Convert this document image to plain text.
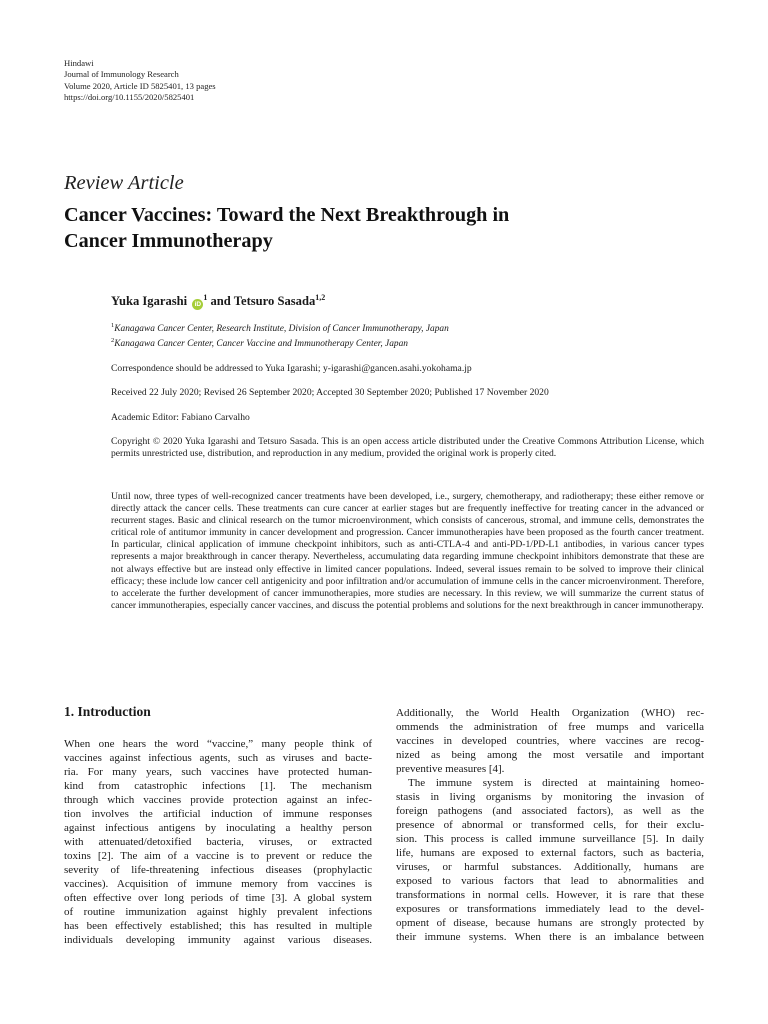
Hindawi
Journal of Immunology Research
Volume 2020, Article ID 5825401, 13 pages
https://doi.org/10.1155/2020/5825401
Review Article
Cancer Vaccines: Toward the Next Breakthrough in
Cancer Immunotherapy
Yuka Igarashi $iD^1$ and Tetsuro Sasada$^{1,2}$
$^1$Kanagawa Cancer Center, Research Institute, Division of Cancer Immunotherapy, Japan
$^2$Kanagawa Cancer Center, Cancer Vaccine and Immunotherapy Center, Japan
Correspondence should be addressed to Yuka Igarashi; y-igarashi@gancen.asahi.yokohama.jp
Received 22 July 2020; Revised 26 September 2020; Accepted 30 September 2020; Published 17 November 2020
Academic Editor: Fabiano Carvalho
Copyright © 2020 Yuka Igarashi and Tetsuro Sasada. This is an open access article distributed under the Creative Commons Attribution License, which permits unrestricted use, distribution, and reproduction in any medium, provided the original work is properly cited.
Until now, three types of well-recognized cancer treatments have been developed, i.e., surgery, chemotherapy, and radiotherapy; these either remove or directly attack the cancer cells. These treatments can cure cancer at earlier stages but are frequently ineffective for treating cancer in the advanced or recurrent stages. Basic and clinical research on the tumor microenvironment, which consists of cancerous, stromal, and immune cells, demonstrates the critical role of antitumor immunity in cancer development and progression. Cancer immunotherapies have been proposed as the fourth cancer treatment. In particular, clinical application of immune checkpoint inhibitors, such as anti-CTLA-4 and anti-PD-1/PD-L1 antibodies, in various cancer types represents a major breakthrough in cancer therapy. Nevertheless, accumulating data regarding immune checkpoint inhibitors demonstrate that these are not always effective but are instead only effective in limited cancer populations. Indeed, several issues remain to be solved to improve their clinical efficacy; these include low cancer cell antigenicity and poor infiltration and/or accumulation of immune cells in the cancer microenvironment. Therefore, to accelerate the further development of cancer immunotherapies, more studies are necessary. In this review, we will summarize the current status of cancer immunotherapies, especially cancer vaccines, and discuss the potential problems and solutions for the next breakthrough in cancer immunotherapy.
1. Introduction
When one hears the word “vaccine,” many people think of
vaccines against infectious agents, such as viruses and bacte-
ria. For many years, such vaccines have protected human-
kind from catastrophic infections [1]. The mechanism
through which vaccines provide protection against an infec-
tion involves the artificial induction of immune responses
against infectious antigens by inoculating a healthy person
with attenuated/detoxified bacteria, viruses, or extracted
toxins [2]. The aim of a vaccine is to prevent or reduce the
severity of life-threatening infectious diseases (prophylactic
vaccines). Acquisition of immune memory from vaccines is
often effective over long periods of time [3]. A global system
of routine immunization against highly prevalent infections
has been effectively established; this has resulted in multiple
individuals developing immunity against various diseases.
Additionally, the World Health Organization (WHO) rec-
ommends the administration of free mumps and varicella
vaccines in developed countries, where vaccines are recog-
nized as being among the most versatile and important
preventive measures [4].
The immune system is directed at maintaining homeo-
stasis in living organisms by monitoring the invasion of
foreign pathogens (and associated factors), as well as the
presence of abnormal or transformed cells, for their exclu-
sion. This process is called immune surveillance [5]. In daily
life, humans are exposed to external factors, such as bacteria,
viruses, or harmful substances. Additionally, humans are
exposed to various factors that lead to abnormalities and
transformations in normal cells. However, it is rare that these
exposures or transformations immediately lead to the devel-
opment of disease, because humans are strongly protected by
their immune systems. When there is an imbalance between
